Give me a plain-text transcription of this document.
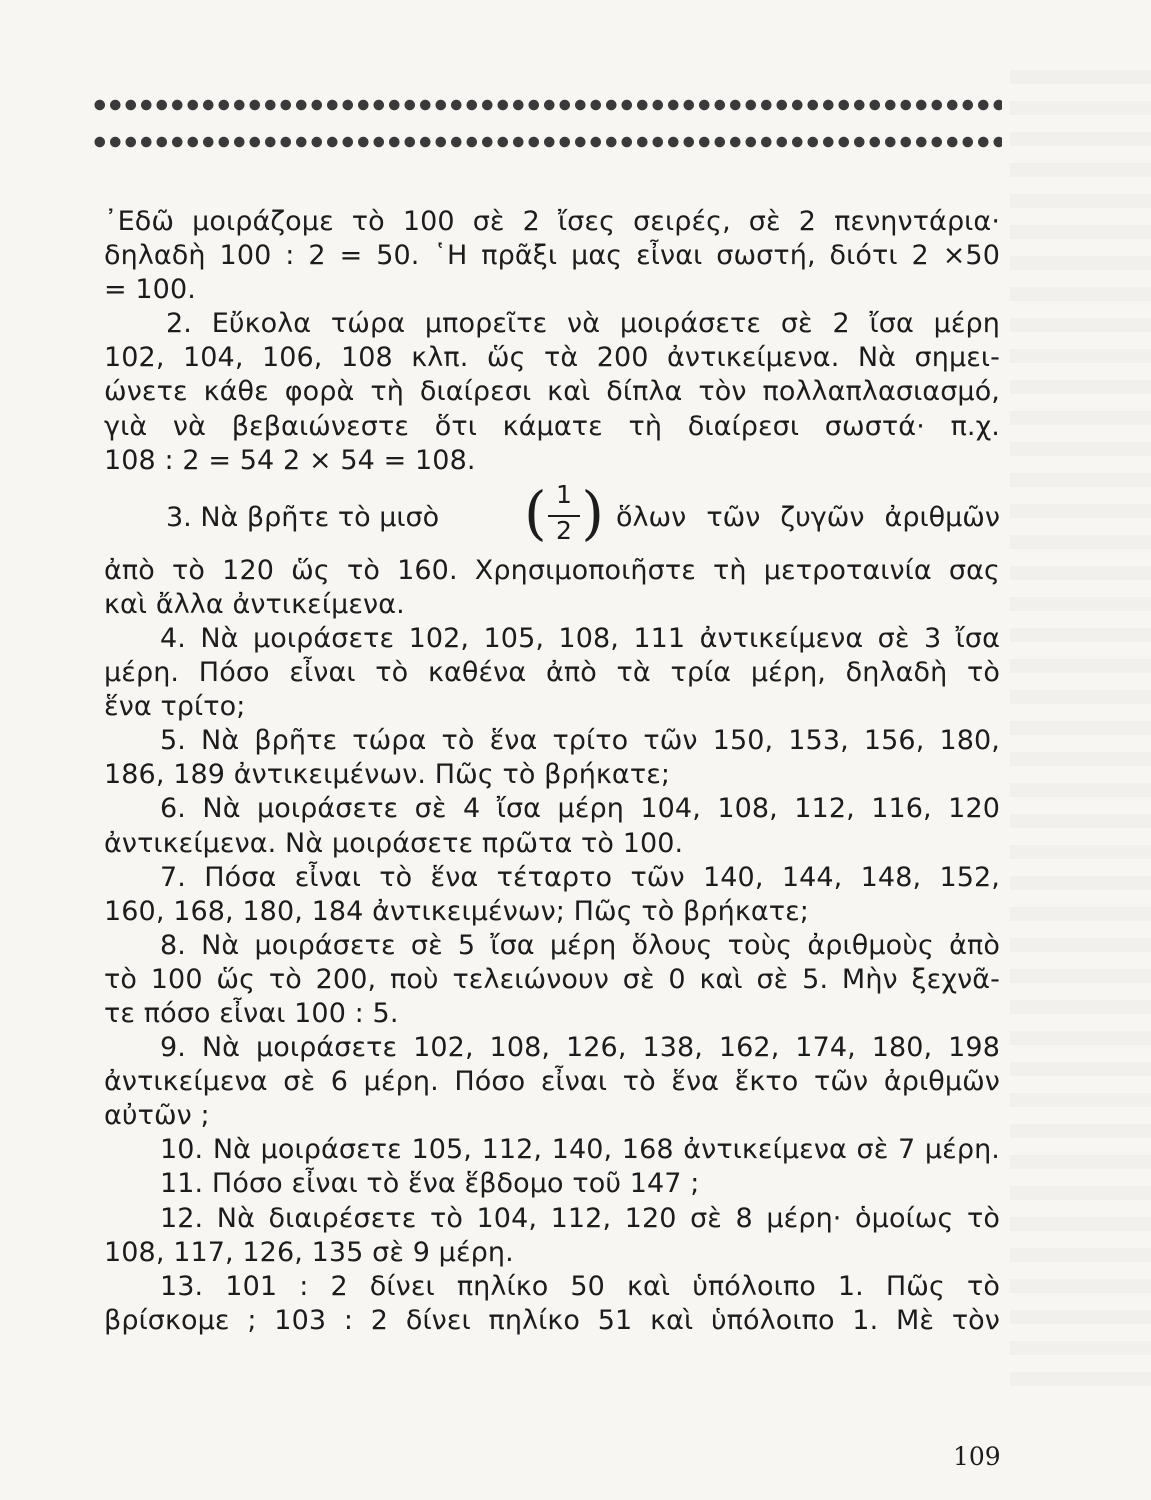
᾿Εδῶ μοιράζομε τὸ 100 σὲ 2 ἴσες σειρές, σὲ 2 πενηντάρια·
δηλαδὴ 100 : 2 = 50. ῾Η πρᾶξι μας εἶναι σωστή, διότι 2 ×50
= 100.
2. Εὔκολα τώρα μπορεῖτε νὰ μοιράσετε σὲ 2 ἴσα μέρη
102, 104, 106, 108 κλπ. ὥς τὰ 200 ἀντικείμενα. Νὰ σημει-
ώνετε κάθε φορὰ τὴ διαίρεσι καὶ δίπλα τὸν πολλαπλασιασμό,
γιὰ νὰ βεβαιώνεστε ὅτι κάματε τὴ διαίρεσι σωστά· π.χ.
108 : 2 = 54 2 × 54 = 108.
3. Νὰ βρῆτε τὸ μισὸ ( 1
2 ) ὅλων τῶν ζυγῶν ἀριθμῶν
ἀπὸ τὸ 120 ὥς τὸ 160. Χρησιμοποιῆστε τὴ μετροταινία σας
καὶ ἄλλα ἀντικείμενα.
4. Νὰ μοιράσετε 102, 105, 108, 111 ἀντικείμενα σὲ 3 ἴσα
μέρη. Πόσο εἶναι τὸ καθένα ἀπὸ τὰ τρία μέρη, δηλαδὴ τὸ
ἕνα τρίτο;
5. Νὰ βρῆτε τώρα τὸ ἕνα τρίτο τῶν 150, 153, 156, 180,
186, 189 ἀντικειμένων. Πῶς τὸ βρήκατε;
6. Νὰ μοιράσετε σὲ 4 ἴσα μέρη 104, 108, 112, 116, 120
ἀντικείμενα. Νὰ μοιράσετε πρῶτα τὸ 100.
7. Πόσα εἶναι τὸ ἕνα τέταρτο τῶν 140, 144, 148, 152,
160, 168, 180, 184 ἀντικειμένων; Πῶς τὸ βρήκατε;
8. Νὰ μοιράσετε σὲ 5 ἴσα μέρη ὅλους τοὺς ἀριθμοὺς ἀπὸ
τὸ 100 ὥς τὸ 200, ποὺ τελειώνουν σὲ 0 καὶ σὲ 5. Μὴν ξεχνᾶ-
τε πόσο εἶναι 100 : 5.
9. Νὰ μοιράσετε 102, 108, 126, 138, 162, 174, 180, 198
ἀντικείμενα σὲ 6 μέρη. Πόσο εἶναι τὸ ἕνα ἕκτο τῶν ἀριθμῶν
αὐτῶν ;
10. Νὰ μοιράσετε 105, 112, 140, 168 ἀντικείμενα σὲ 7 μέρη.
11. Πόσο εἶναι τὸ ἕνα ἕβδομο τοῦ 147 ;
12. Νὰ διαιρέσετε τὸ 104, 112, 120 σὲ 8 μέρη· ὁμοίως τὸ
108, 117, 126, 135 σὲ 9 μέρη.
13. 101 : 2 δίνει πηλίκο 50 καὶ ὑπόλοιπο 1. Πῶς τὸ
βρίσκομε ; 103 : 2 δίνει πηλίκο 51 καὶ ὑπόλοιπο 1. Μὲ τὸν
109
